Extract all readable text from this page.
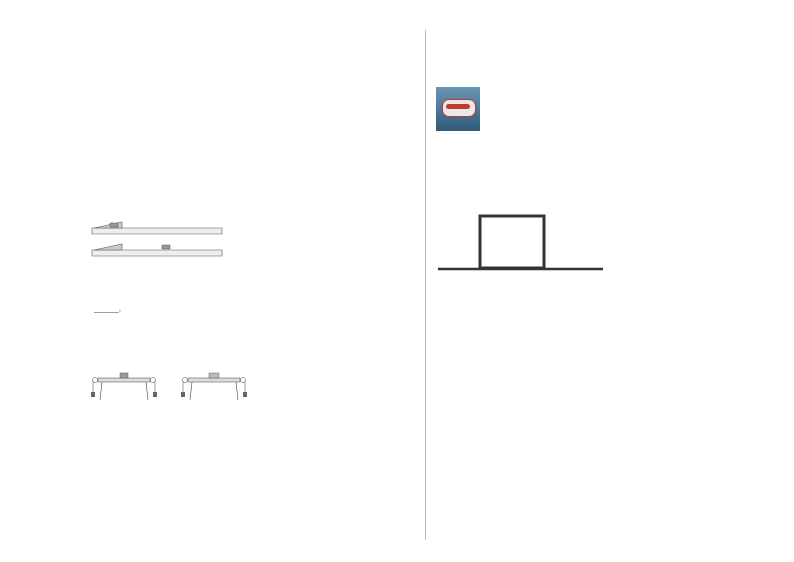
________。
